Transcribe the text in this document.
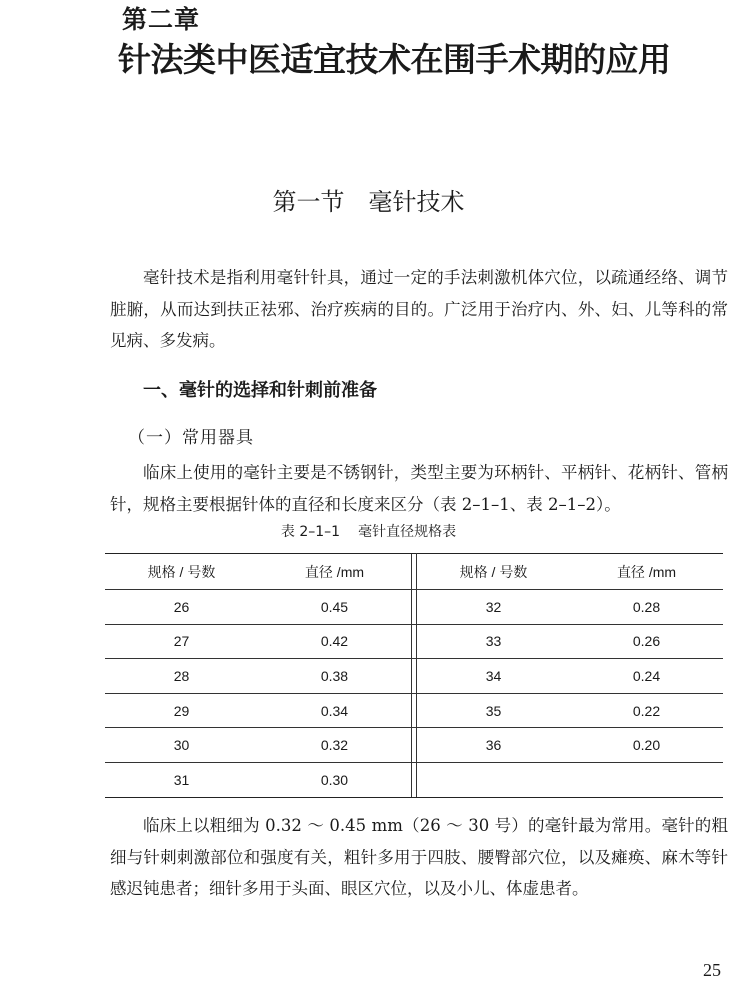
第二章
针法类中医适宜技术在围手术期的应用
第一节 毫针技术

毫针技术是指利用毫针针具，通过一定的手法刺激机体穴位，以疏通经络、调节脏腑，从而达到扶正祛邪、治疗疾病的目的。广泛用于治疗内、外、妇、儿等科的常见病、多发病。

一、毫针的选择和针刺前准备
（一）常用器具

临床上使用的毫针主要是不锈钢针，类型主要为环柄针、平柄针、花柄针、管柄针，规格主要根据针体的直径和长度来区分（表 2–1–1、表 2–1–2）。

表 2–1–1 毫针直径规格表
规格 / 号数	直径 /mm		规格 / 号数	直径 /mm
26	0.45		32	0.28
27	0.42		33	0.26
28	0.38		34	0.24
29	0.34		35	0.22
30	0.32		36	0.20
31	0.30			

临床上以粗细为 0.32 ～ 0.45 mm（26 ～ 30 号）的毫针最为常用。毫针的粗细与针刺刺激部位和强度有关，粗针多用于四肢、腰臀部穴位，以及瘫痪、麻木等针感迟钝患者；细针多用于头面、眼区穴位，以及小儿、体虚患者。

25
